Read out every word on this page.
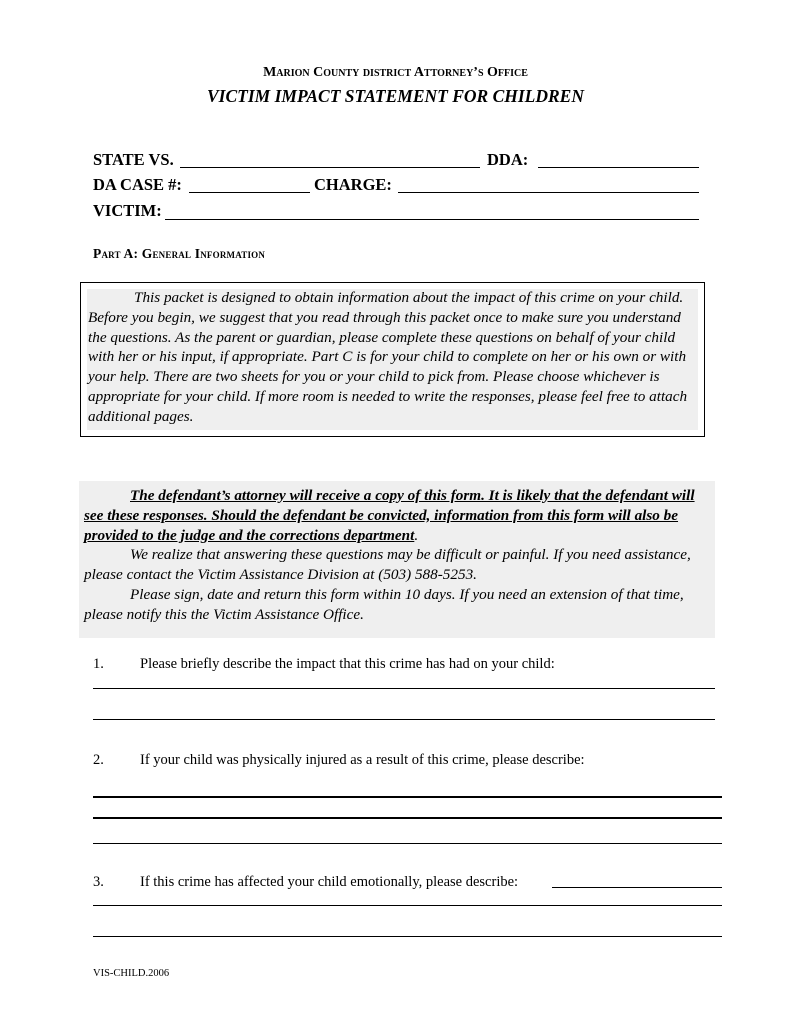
Marion County district Attorney’s Office
VICTIM IMPACT STATEMENT FOR CHILDREN
STATE VS.	DDA:
DA CASE #:	CHARGE:
VICTIM:
Part A: General Information
This packet is designed to obtain information about the impact of this crime on your child. Before you begin, we suggest that you read through this packet once to make sure you understand the questions. As the parent or guardian, please complete these questions on behalf of your child with her or his input, if appropriate. Part C is for your child to complete on her or his own or with your help. There are two sheets for you or your child to pick from. Please choose whichever is appropriate for your child. If more room is needed to write the responses, please feel free to attach additional pages.
The defendant’s attorney will receive a copy of this form. It is likely that the defendant will see these responses. Should the defendant be convicted, information from this form will also be provided to the judge and the corrections department.
We realize that answering these questions may be difficult or painful. If you need assistance, please contact the Victim Assistance Division at (503) 588-5253.
Please sign, date and return this form within 10 days. If you need an extension of that time, please notify this the Victim Assistance Office.
1. Please briefly describe the impact that this crime has had on your child:
2. If your child was physically injured as a result of this crime, please describe:
3. If this crime has affected your child emotionally, please describe:
VIS-CHILD.2006
